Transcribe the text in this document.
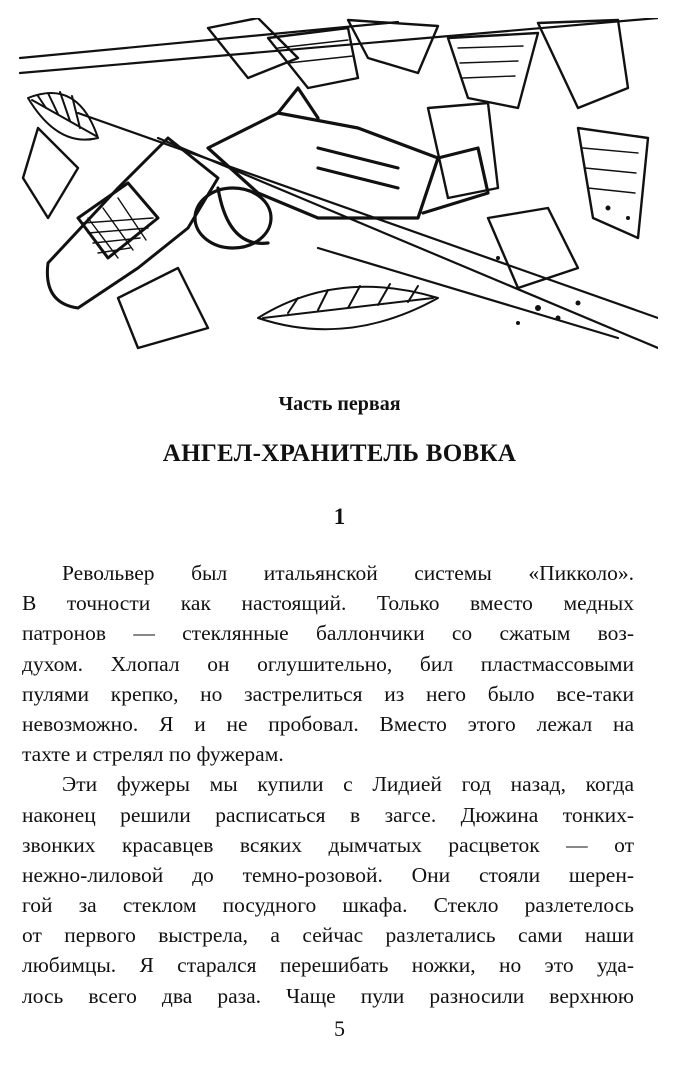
Часть первая
АНГЕЛ-ХРАНИТЕЛЬ ВОВКА
1
Револьвер был итальянской системы «Пикколо».
В точности как настоящий. Только вместо медных
патронов — стеклянные баллончики со сжатым воз-
духом. Хлопал он оглушительно, бил пластмассовыми
пулями крепко, но застрелиться из него было все-таки
невозможно. Я и не пробовал. Вместо этого лежал на
тахте и стрелял по фужерам.
Эти фужеры мы купили с Лидией год назад, когда
наконец решили расписаться в загсе. Дюжина тонких-
звонких красавцев всяких дымчатых расцветок — от
нежно-лиловой до темно-розовой. Они стояли шерен-
гой за стеклом посудного шкафа. Стекло разлетелось
от первого выстрела, а сейчас разлетались сами наши
любимцы. Я старался перешибать ножки, но это уда-
лось всего два раза. Чаще пули разносили верхнюю
5
